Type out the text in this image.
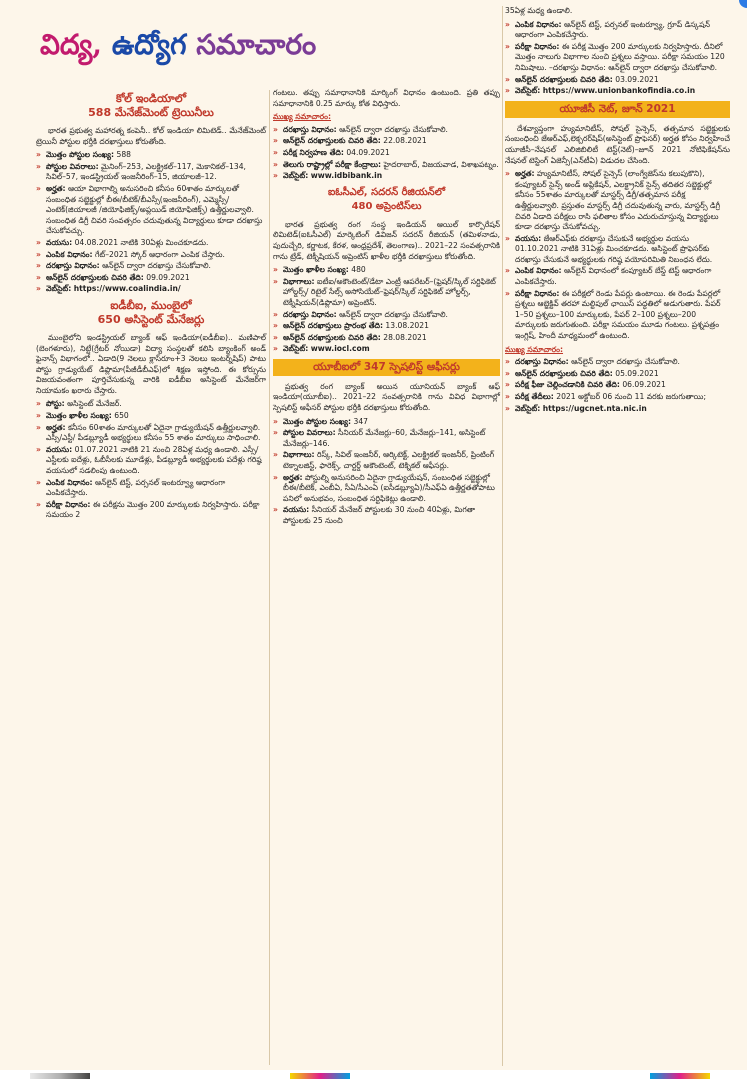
విద్య, ఉద్యోగ సమాచారం
కోల్ ఇండియాలో
588 మేనేజ్‌మెంట్ ట్రెయినీలు

భారత ప్రభుత్వ మహారత్న కంపెనీ.. కోల్ ఇండియా లిమిటెడ్.. మేనేజ్‌మెంట్ ట్రెయినీ పోస్టుల భర్తీకి దరఖాస్తులు కోరుతోంది.

» మొత్తం పోస్టుల సంఖ్య: 588
» పోస్టుల వివరాలు: మైనింగ్–253, ఎలక్ట్రికల్–117, మెకానికల్–134, సివిల్–57, ఇండస్ట్రియల్ ఇంజనీరింగ్–15, జియాలజీ–12.
» అర్హత: ఆయా విభాగాల్ని అనుసరించి కనీసం 60శాతం మార్కులతో సంబంధిత సబ్జెక్టుల్లో బీఈ/బీటెక్/బీఎస్సీ(ఇంజనీరింగ్), ఎమ్మెస్సీ/ఎంటెక్(జియాలజీ /జియోఫిజిక్స్/అప్లయిడ్ జియోఫిజిక్స్) ఉత్తీర్ణులవ్వాలి. సంబంధిత డిగ్రీ చివరి సంవత్సరం చదువుతున్న విద్యార్థులు కూడా దరఖాస్తు చేసుకోవచ్చు.
» వయసు: 04.08.2021 నాటికి 30ఏళ్లు మించకూడదు.
» ఎంపిక విధానం: గేట్–2021 స్కోర్ ఆధారంగా ఎంపిక చేస్తారు.
» దరఖాస్తు విధానం: ఆన్‌లైన్ ద్వారా దరఖాస్తు చేసుకోవాలి.
» ఆన్‌లైన్ దరఖాస్తులకు చివరి తేది: 09.09.2021
» వెబ్‌సైట్: https://www.coalindia.in/
ఐడీబీఐ, ముంబైలో
650 అసిస్టెంట్ మేనేజర్లు

ముంబైలోని ఇండస్ట్రియల్ బ్యాంక్ ఆఫ్ ఇండియా(ఐడీబీఐ).. మణిపాల్ (బెంగళూరు), నిట్టే(గ్రేటర్ నోయిడా) విద్యా సంస్థలతో కలిసి బ్యాంకింగ్ అండ్ ఫైనాన్స్ విభాగంలో.. ఏడాది(9 నెలలు క్లాస్‌రూం+3 నెలలు ఇంటర్న్‌షిప్) పాటు పోస్టు గ్రాడ్యుయేట్ డిప్లొమా(పీజీడీబీఎఫ్)లో శిక్షణ ఇస్తోంది. ఈ కోర్సును విజయవంతంగా పూర్తిచేసుకున్న వారికి ఐడీబీఐ అసిస్టెంట్ మేనేజర్‌గా నియామకం ఖరారు చేస్తారు.

» పోస్టు: అసిస్టెంట్ మేనేజర్.
» మొత్తం ఖాళీల సంఖ్య: 650
» అర్హత: కనీసం 60శాతం మార్కులతో ఏదైనా గ్రాడ్యుయేషన్ ఉత్తీర్ణులవ్వాలి. ఎస్సీ/ఎస్టీ/ పీడబ్ల్యూడీ అభ్యర్థులు కనీసం 55 శాతం మార్కులు సాధించాలి.
» వయసు: 01.07.2021 నాటికి 21 నుంచి 28ఏళ్ల మధ్య ఉండాలి. ఎస్సీ/ఎస్టీలకు ఐదేళ్లు, ఓబీసీలకు మూడేళ్లు, పీడబ్ల్యూడీ అభ్యర్థులకు పదేళ్లు గరిష్ఠ వయసులో సడలింపు ఉంటుంది.
» ఎంపిక విధానం: ఆన్‌లైన్ టెస్ట్, పర్సనల్ ఇంటర్వ్యూ ఆధారంగా ఎంపికచేస్తారు.
» పరీక్షా విధానం: ఈ పరీక్షను మొత్తం 200 మార్కులకు నిర్వహిస్తారు. పరీక్షా సమయం 2

గంటలు. తప్పు సమాధానానికి మార్కింగ్ విధానం ఉంటుంది. ప్రతి తప్పు సమాధానానికి 0.25 మార్కు కోత విధిస్తారు.

ముఖ్య సమాచారం:
» దరఖాస్తు విధానం: ఆన్‌లైన్ ద్వారా దరఖాస్తు చేసుకోవాలి.
» ఆన్‌లైన్ దరఖాస్తులకు చివరి తేది: 22.08.2021
» పరీక్ష నిర్వహణ తేది: 04.09.2021
» తెలుగు రాష్ట్రాల్లో పరీక్షా కేంద్రాలు: హైదరాబాద్, విజయవాడ, విశాఖపట్నం.
» వెబ్‌సైట్: www.idbibank.in
ఐఓసీఎల్, సదరన్ రీజియన్‌లో
480 అప్రెంటిస్‌లు

భారత ప్రభుత్వ రంగ సంస్థ ఇండియన్ ఆయిల్ కార్పొరేషన్ లిమిటెడ్(ఐఓసీఎల్) మార్కెటింగ్ డివిజన్ సదరన్ రీజియన్ (తమిళనాడు, పుదుచ్చేరి, కర్ణాటక, కేరళ, ఆంధ్రప్రదేశ్, తెలంగాణ).. 2021–22 సంవత్సరానికి గాను ట్రేడ్, టెక్నీషియన్ అప్రెంటిస్ ఖాళీల భర్తీకి దరఖాస్తులు కోరుతోంది.

» మొత్తం ఖాళీల సంఖ్య: 480
» విభాగాలు: ఐటీఐ/అకౌంటెంట్/డేటా ఎంట్రీ ఆపరేటర్–(ఫ్రెషర్/స్కిల్ సర్టిఫికెట్ హోల్డర్స్/ రిటైల్ సేల్స్ అసోసియేట్–ఫ్రెషర్/స్కిల్ సర్టిఫికెట్ హోల్డర్స్, టెక్నీషియన్(డిప్లొమా) అప్రెంటిస్.
» దరఖాస్తు విధానం: ఆన్‌లైన్ ద్వారా దరఖాస్తు చేసుకోవాలి.
» ఆన్‌లైన్ దరఖాస్తులు ప్రారంభ తేది: 13.08.2021
» ఆన్‌లైన్ దరఖాస్తులకు చివరి తేది: 28.08.2021
» వెబ్‌సైట్: www.iocl.com
యూబీఐలో 347 స్పెషలిస్ట్ ఆఫీసర్లు

ప్రభుత్వ రంగ బ్యాంక్ అయిన యూనియన్ బ్యాంక్ ఆఫ్ ఇండియా(యూబీఐ).. 2021–22 సంవత్సరానికి గాను వివిధ విభాగాల్లో స్పెషలిస్ట్ ఆఫీసర్ పోస్టుల భర్తీకి దరఖాస్తులు కోరుతోంది.

» మొత్తం పోస్టుల సంఖ్య: 347
» పోస్టుల వివరాలు: సీనియర్ మేనేజర్లు–60, మేనేజర్లు–141, అసిస్టెంట్ మేనేజర్లు–146.
» విభాగాలు: రిస్క్, సివిల్ ఇంజనీర్, ఆర్కిటెక్ట్, ఎలక్ట్రికల్ ఇంజనీర్, ప్రింటింగ్ టెక్నాలజిస్ట్, ఫారెక్స్, చార్టర్డ్ అకౌంటెంట్, టెక్నికల్ ఆఫీసర్లు.
» అర్హత: పోస్టుల్ని అనుసరించి ఏదైనా గ్రాడ్యుయేషన్, సంబంధిత సబ్జెక్టుల్లో బీఈ/బీటెక్, ఎంబీఏ, సీఏ/సీఎంఏ (ఐసీడబ్ల్యూఏ)/సీఎఫ్ఏ ఉత్తీర్ణతతోపాటు పనిలో అనుభవం, సంబంధిత సర్టిఫికెట్లు ఉండాలి.
» వయసు: సీనియర్ మేనేజర్ పోస్టులకు 30 నుంచి 40ఏళ్లు, మిగతా పోస్టులకు 25 నుంచి

35ఏళ్ల మధ్య ఉండాలి.

» ఎంపిక విధానం: ఆన్‌లైన్ టెస్ట్, పర్సనల్ ఇంటర్వ్యూ, గ్రూప్ డిస్కషన్ ఆధారంగా ఎంపికచేస్తారు.
» పరీక్షా విధానం: ఈ పరీక్ష మొత్తం 200 మార్కులకు నిర్వహిస్తారు. దీనిలో మొత్తం నాలుగు విభాగాల నుంచి ప్రశ్నలు వస్తాయి. పరీక్షా సమయం 120 నిమిషాలు. –దరఖాస్తు విధానం: ఆన్‌లైన్ ద్వారా దరఖాస్తు చేసుకోవాలి.
» ఆన్‌లైన్ దరఖాస్తులకు చివరి తేది: 03.09.2021
» వెబ్‌సైట్: https://www.unionbankofindia.co.in
యూజీసీ నెట్, జూన్ 2021

దేశవ్యాప్తంగా హ్యుమానిటీస్, సోషల్ సైన్సెస్, తత్సమాన సబ్జెక్టులకు సంబంధించి జేఆర్ఎఫ్,లెక్చరర్‌షిప్(అసిస్టెంట్ ప్రొఫెసర్) అర్హత కోసం నిర్వహించే యూజీసీ–నేషనల్ ఎలిజిబిలిటీ టెస్ట్(నెట్)–జూన్ 2021 నోటిఫికేషన్‌ను నేషనల్ టెస్టింగ్ ఏజెన్సీ(ఎన్‌టీఏ) విడుదల చేసింది.

» అర్హత: హ్యుమానిటీస్, సోషల్ సైన్సెస్ (లాంగ్వేజెస్‌ను కలుపుకొని), కంప్యూటర్ సైన్స్ అండ్ అప్లికేషన్, ఎలక్ట్రానిక్ సైన్స్ తదితర సబ్జెక్టుల్లో కనీసం 55శాతం మార్కులతో మాస్టర్స్ డిగ్రీ/తత్సమాన పరీక్ష ఉత్తీర్ణులవ్వాలి. ప్రస్తుతం మాస్టర్స్ డిగ్రీ చదువుతున్న వారు, మాస్టర్స్ డిగ్రీ చివరి ఏడాది పరీక్షలు రాసి ఫలితాల కోసం ఎదురుచూస్తున్న విద్యార్థులు కూడా దరఖాస్తు చేసుకోవచ్చు.
» వయసు: జేఆర్ఎఫ్‌కు దరఖాస్తు చేసుకునే అభ్యర్థుల వయసు 01.10.2021 నాటికి 31ఏళ్లు మించకూడదు. అసిస్టెంట్ ప్రొఫెసర్‌కు దరఖాస్తు చేసుకునే అభ్యర్థులకు గరిష్ఠ వయోపరిమితి నిబంధన లేదు.
» ఎంపిక విధానం: ఆన్‌లైన్ విధానంలో కంప్యూటర్ బేస్డ్ టెస్ట్ ఆధారంగా ఎంపికచేస్తారు.
» పరీక్షా విధానం: ఈ పరీక్షలో రెండు పేపర్లు ఉంటాయి. ఈ రెండు పేపర్లలో ప్రశ్నలు ఆబ్జెక్టివ్ తరహా మల్టిపుల్ ఛాయిస్ పద్ధతిలో అడుగుతారు. పేపర్ 1–50 ప్రశ్నలు–100 మార్కులకు, పేపర్ 2–100 ప్రశ్నలు–200 మార్కులకు జరుగుతుంది. పరీక్షా సమయం మూడు గంటలు. ప్రశ్నపత్రం ఇంగ్లిష్, హిందీ మాధ్యమంలో ఉంటుంది.
ముఖ్య సమాచారం:
» దరఖాస్తు విధానం: ఆన్‌లైన్ ద్వారా దరఖాస్తు చేసుకోవాలి.
» ఆన్‌లైన్ దరఖాస్తులకు చివరి తేది: 05.09.2021
» పరీక్ష ఫీజు చెల్లించడానికి చివరి తేది: 06.09.2021
» పరీక్ష తేదీలు: 2021 అక్టోబర్ 06 నుంచి 11 వరకు జరుగుతాయి;
» వెబ్‌సైట్: https://ugcnet.nta.nic.in
